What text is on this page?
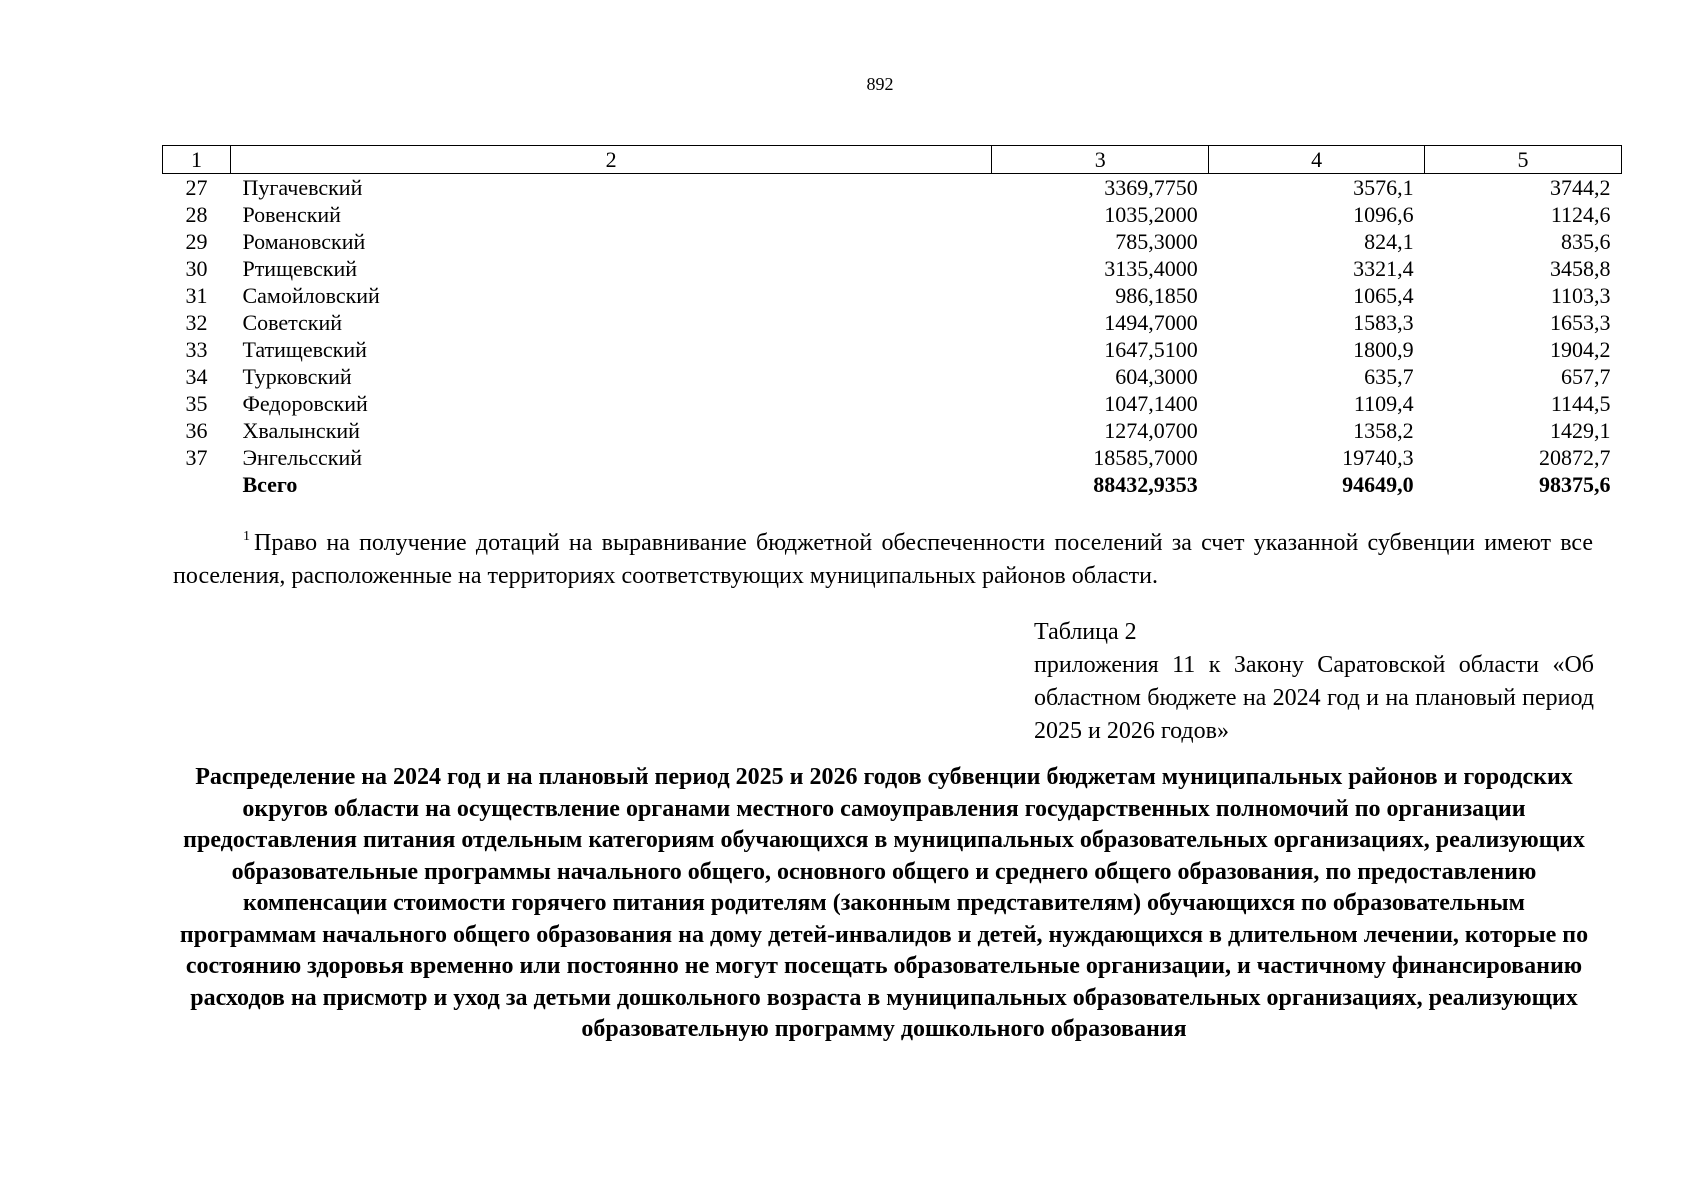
892
1	2	3	4	5
27	Пугачевский	3369,7750	3576,1	3744,2
28	Ровенский	1035,2000	1096,6	1124,6
29	Романовский	785,3000	824,1	835,6
30	Ртищевский	3135,4000	3321,4	3458,8
31	Самойловский	986,1850	1065,4	1103,3
32	Советский	1494,7000	1583,3	1653,3
33	Татищевский	1647,5100	1800,9	1904,2
34	Турковский	604,3000	635,7	657,7
35	Федоровский	1047,1400	1109,4	1144,5
36	Хвалынский	1274,0700	1358,2	1429,1
37	Энгельсский	18585,7000	19740,3	20872,7
	Всего	88432,9353	94649,0	98375,6
$^1$ Право на получение дотаций на выравнивание бюджетной обеспеченности поселений за счет указанной субвенции имеют все поселения, расположенные на территориях соответствующих муниципальных районов области.
Таблица 2
приложения 11 к Закону Саратовской области «Об областном бюджете на 2024 год и на плановый период 2025 и 2026 годов»
Распределение на 2024 год и на плановый период 2025 и 2026 годов субвенции бюджетам муниципальных районов и городских округов области на осуществление органами местного самоуправления государственных полномочий по организации предоставления питания отдельным категориям обучающихся в муниципальных образовательных организациях, реализующих образовательные программы начального общего, основного общего и среднего общего образования, по предоставлению компенсации стоимости горячего питания родителям (законным представителям) обучающихся по образовательным программам начального общего образования на дому детей-инвалидов и детей, нуждающихся в длительном лечении, которые по состоянию здоровья временно или постоянно не могут посещать образовательные организации, и частичному финансированию расходов на присмотр и уход за детьми дошкольного возраста в муниципальных образовательных организациях, реализующих образовательную программу дошкольного образования
